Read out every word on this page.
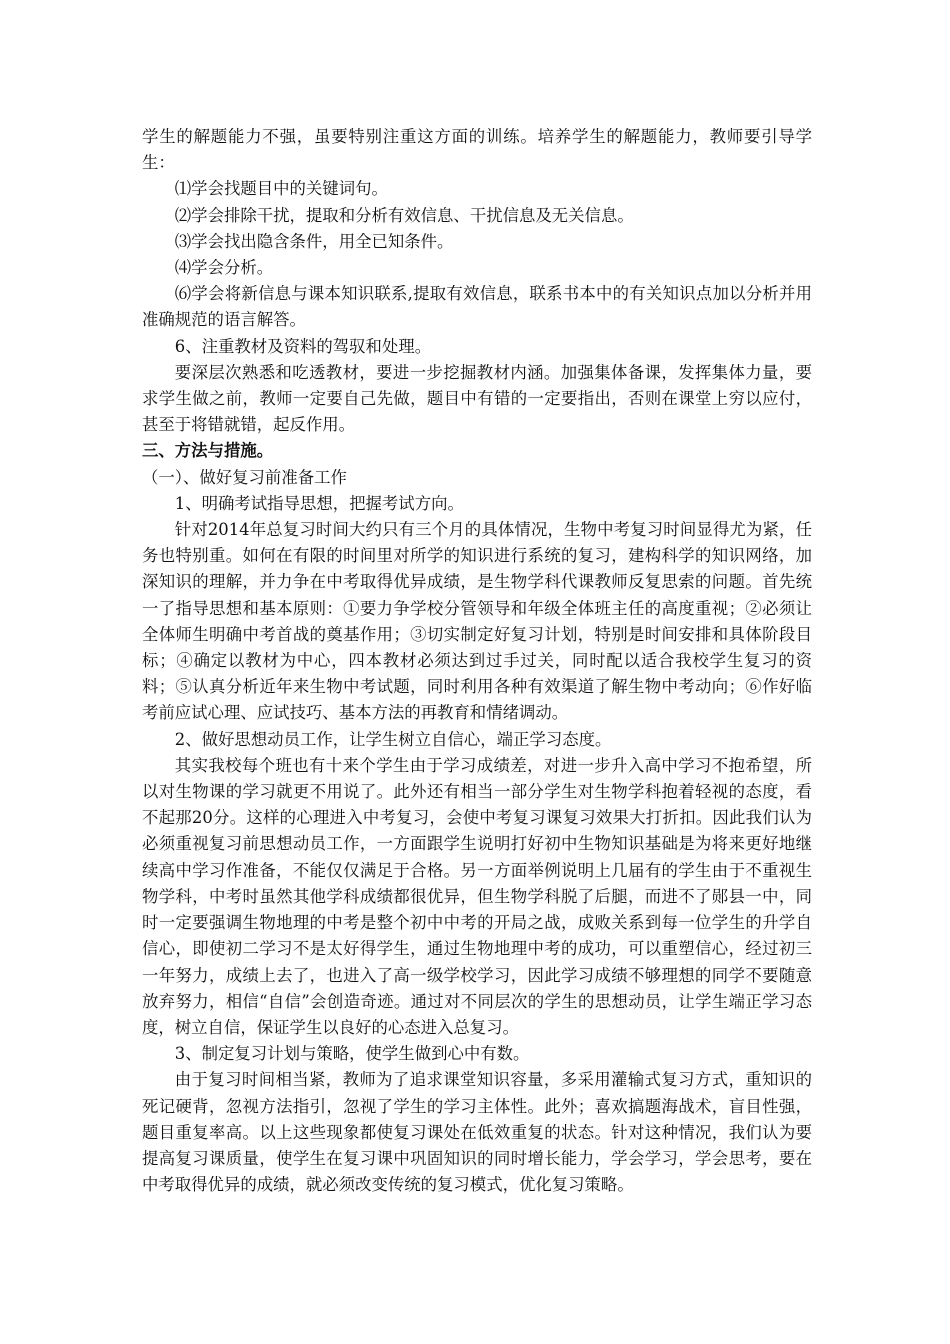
学生的解题能力不强，虽要特别注重这方面的训练。培养学生的解题能力，教师要引导学生：

⑴学会找题目中的关键词句。

⑵学会排除干扰，提取和分析有效信息、干扰信息及无关信息。

⑶学会找出隐含条件，用全已知条件。

⑷学会分析。

⑹学会将新信息与课本知识联系,提取有效信息，联系书本中的有关知识点加以分析并用准确规范的语言解答。

6、注重教材及资料的驾驭和处理。

要深层次熟悉和吃透教材，要进一步挖掘教材内涵。加强集体备课，发挥集体力量，要求学生做之前，教师一定要自己先做，题目中有错的一定要指出，否则在课堂上穷以应付，甚至于将错就错，起反作用。

三、方法与措施。

（一）、做好复习前准备工作

1、明确考试指导思想，把握考试方向。

针对2014年总复习时间大约只有三个月的具体情况，生物中考复习时间显得尤为紧，任务也特别重。如何在有限的时间里对所学的知识进行系统的复习，建构科学的知识网络，加深知识的理解，并力争在中考取得优异成绩，是生物学科代课教师反复思索的问题。首先统一了指导思想和基本原则：①要力争学校分管领导和年级全体班主任的高度重视；②必须让全体师生明确中考首战的奠基作用；③切实制定好复习计划，特别是时间安排和具体阶段目标；④确定以教材为中心，四本教材必须达到过手过关，同时配以适合我校学生复习的资料；⑤认真分析近年来生物中考试题，同时利用各种有效渠道了解生物中考动向；⑥作好临考前应试心理、应试技巧、基本方法的再教育和情绪调动。

2、做好思想动员工作，让学生树立自信心，端正学习态度。

其实我校每个班也有十来个学生由于学习成绩差，对进一步升入高中学习不抱希望，所以对生物课的学习就更不用说了。此外还有相当一部分学生对生物学科抱着轻视的态度，看不起那20分。这样的心理进入中考复习，会使中考复习课复习效果大打折扣。因此我们认为必须重视复习前思想动员工作，一方面跟学生说明打好初中生物知识基础是为将来更好地继续高中学习作准备，不能仅仅满足于合格。另一方面举例说明上几届有的学生由于不重视生物学科，中考时虽然其他学科成绩都很优异，但生物学科脱了后腿，而进不了郧县一中，同时一定要强调生物地理的中考是整个初中中考的开局之战，成败关系到每一位学生的升学自信心，即使初二学习不是太好得学生，通过生物地理中考的成功，可以重塑信心，经过初三一年努力，成绩上去了，也进入了高一级学校学习，因此学习成绩不够理想的同学不要随意放弃努力，相信“自信”会创造奇迹。通过对不同层次的学生的思想动员，让学生端正学习态度，树立自信，保证学生以良好的心态进入总复习。

3、制定复习计划与策略，使学生做到心中有数。

由于复习时间相当紧，教师为了追求课堂知识容量，多采用灌输式复习方式，重知识的死记硬背，忽视方法指引，忽视了学生的学习主体性。此外；喜欢搞题海战术，盲目性强，题目重复率高。以上这些现象都使复习课处在低效重复的状态。针对这种情况，我们认为要提高复习课质量，使学生在复习课中巩固知识的同时增长能力，学会学习，学会思考，要在中考取得优异的成绩，就必须改变传统的复习模式，优化复习策略。
